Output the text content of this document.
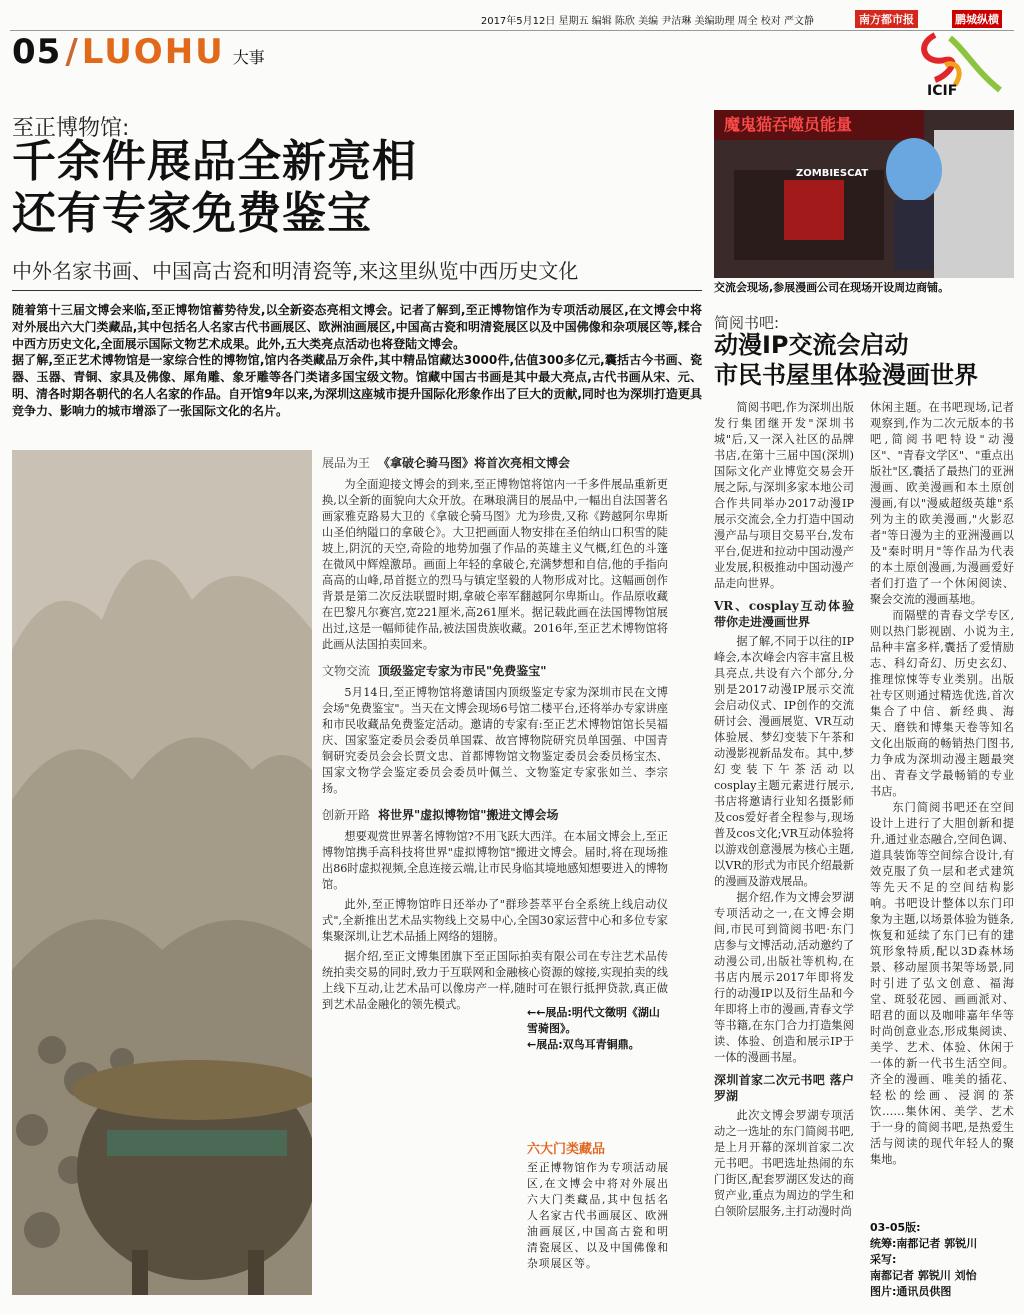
2017年5月12日 星期五 编辑 陈欣 美编 尹洁琳 美编助理 周全 校对 严文静	南方都市报	鹏城纵横
05 / LUOHU 大事
ICIF
至正博物馆:
千余件展品全新亮相
还有专家免费鉴宝
中外名家书画、中国高古瓷和明清瓷等,来这里纵览中西历史文化
随着第十三届文博会来临,至正博物馆蓄势待发,以全新姿态亮相文博会。记者了解到,至正博物馆作为专项活动展区,在文博会中将对外展出六大门类藏品,其中包括名人名家古代书画展区、欧洲油画展区,中国高古瓷和明清瓷展区以及中国佛像和杂项展区等,糅合中西方历史文化,全面展示国际文物艺术成果。此外,五大类亮点活动也将登陆文博会。
据了解,至正艺术博物馆是一家综合性的博物馆,馆内各类藏品万余件,其中精品馆藏达3000件,估值300多亿元,囊括古今书画、瓷器、玉器、青铜、家具及佛像、犀角雕、象牙雕等各门类诸多国宝级文物。馆藏中国古书画是其中最大亮点,古代书画从宋、元、明、清各时期各朝代的名人名家的作品。自开馆9年以来,为深圳这座城市提升国际化形象作出了巨大的贡献,同时也为深圳打造更具竞争力、影响力的城市增添了一张国际文化的名片。
展品为王 《拿破仑骑马图》将首次亮相文博会

为全面迎接文博会的到来,至正博物馆将馆内一千多件展品重新更换,以全新的面貌向大众开放。在琳琅满目的展品中,一幅出自法国著名画家雅克路易大卫的《拿破仑骑马图》尤为珍贵,又称《跨越阿尔卑斯山圣伯纳隘口的拿破仑》。大卫把画面人物安排在圣伯纳山口积雪的陡坡上,阴沉的天空,奇险的地势加强了作品的英雄主义气概,红色的斗篷在微风中辉煌激昂。画面上年轻的拿破仑,充满梦想和自信,他的手指向高高的山峰,昂首挺立的烈马与镇定坚毅的人物形成对比。这幅画创作背景是第二次反法联盟时期,拿破仑率军翻越阿尔卑斯山。作品原收藏在巴黎凡尔赛宫,宽221厘米,高261厘米。据记载此画在法国博物馆展出过,这是一幅师徒作品,被法国贵族收藏。2016年,至正艺术博物馆将此画从法国拍卖回来。

文物交流 顶级鉴定专家为市民"免费鉴宝"

5月14日,至正博物馆将邀请国内顶级鉴定专家为深圳市民在文博会场"免费鉴宝"。当天在文博会现场6号馆二楼平台,还将举办专家讲座和市民收藏品免费鉴定活动。邀请的专家有:至正艺术博物馆馆长吴福庆、国家鉴定委员会委员单国霖、故宫博物院研究员单国强、中国青铜研究委员会会长贾文忠、首都博物馆文物鉴定委员会委员杨宝杰、国家文物学会鉴定委员会委员叶佩兰、文物鉴定专家张如兰、李宗扬。

创新开路 将世界"虚拟博物馆"搬进文博会场

想要观赏世界著名博物馆?不用飞跃大西洋。在本届文博会上,至正博物馆携手高科技将世界"虚拟博物馆"搬进文博会。届时,将在现场推出86时虚拟视频,全息连接云端,让市民身临其境地感知想要进入的博物馆。

此外,至正博物馆昨日还举办了"群珍荟萃平台全系统上线启动仪式",全新推出艺术品实物线上交易中心,全国30家运营中心和多位专家集聚深圳,让艺术品插上网络的翅膀。

据介绍,至正文博集团旗下至正国际拍卖有限公司在专注艺术品传统拍卖交易的同时,致力于互联网和金融核心资源的嫁接,实现拍卖的线上线下互动,让艺术品可以像房产一样,随时可在银行抵押贷款,真正做到艺术品金融化的领先模式。

←←展品:明代文徵明《湖山雪骑图》。
←展品:双鸟耳青铜鼎。
六大门类藏品
至正博物馆作为专项活动展区,在文博会中将对外展出六大门类藏品,其中包括名人名家古代书画展区、欧洲油画展区,中国高古瓷和明清瓷展区、以及中国佛像和杂项展区等。
魔鬼猫吞噬员能量
ZOMBIESCAT
交流会现场,参展漫画公司在现场开设周边商铺。
简阅书吧:
动漫IP交流会启动
市民书屋里体验漫画世界

简阅书吧,作为深圳出版发行集团继开发"深圳书城"后,又一深入社区的品牌书店,在第十三届中国(深圳)国际文化产业博览交易会开展之际,与深圳多家本地公司合作共同举办2017动漫IP展示交流会,全力打造中国动漫产品与项目交易平台,发布平台,促进和拉动中国动漫产业发展,积极推动中国动漫产品走向世界。

VR、cosplay互动体验 带你走进漫画世界

据了解,不同于以往的IP峰会,本次峰会内容丰富且极具亮点,共设有六个部分,分别是2017动漫IP展示交流会启动仪式、IP创作的交流研讨会、漫画展览、VR互动体验展、梦幻变装下午茶和动漫影视新品发布。其中,梦幻变装下午茶活动以cosplay主题元素进行展示,书店将邀请行业知名摄影师及cos爱好者全程参与,现场普及cos文化;VR互动体验将以游戏创意漫展为核心主题,以VR的形式为市民介绍最新的漫画及游戏展品。

据介绍,作为文博会罗湖专项活动之一,在文博会期间,市民可到简阅书吧·东门店参与文博活动,活动邀约了动漫公司,出版社等机构,在书店内展示2017年即将发行的动漫IP以及衍生品和今年即将上市的漫画,青春文学等书籍,在东门合力打造集阅读、体验、创造和展示IP于一体的漫画书屋。

深圳首家二次元书吧 落户罗湖

此次文博会罗湖专项活动之一选址的东门简阅书吧,是上月开幕的深圳首家二次元书吧。书吧选址热闹的东门街区,配套罗湖区发达的商贸产业,重点为周边的学生和白领阶层服务,主打动漫时尚

休闲主题。在书吧现场,记者观察到,作为二次元版本的书吧,简阅书吧特设"动漫区"、"青春文学区"、"重点出版社"区,囊括了最热门的亚洲漫画、欧美漫画和本土原创漫画,有以"漫威超级英雄"系列为主的欧美漫画,"火影忍者"等日漫为主的亚洲漫画以及"秦时明月"等作品为代表的本土原创漫画,为漫画爱好者们打造了一个休闲阅读、聚会交流的漫画基地。

而隔壁的青春文学专区,则以热门影视剧、小说为主,品种丰富多样,囊括了爱情励志、科幻奇幻、历史玄幻、推理惊悚等专业类别。出版社专区则通过精选优选,首次集合了中信、新经典、海天、磨铁和博集天卷等知名文化出版商的畅销热门图书,力争成为深圳动漫主题最突出、青春文学最畅销的专业书店。

东门简阅书吧还在空间设计上进行了大胆创新和提升,通过业态融合,空间色调、道具装饰等空间综合设计,有效克服了负一层和老式建筑等先天不足的空间结构影响。书吧设计整体以东门印象为主题,以场景体验为链条,恢复和延续了东门已有的建筑形象特质,配以3D森林场景、移动屋顶书架等场景,同时引进了弘文创意、福海堂、斑驳花园、画画派对、昭君的面以及咖啡嘉年华等时尚创意业态,形成集阅读、美学、艺术、体验、休闲于一体的新一代书生活空间。齐全的漫画、唯美的插花、轻松的绘画、浸润的茶饮……集休闲、美学、艺术于一身的简阅书吧,是热爱生活与阅读的现代年轻人的聚集地。

03-05版:
统筹:南都记者 郭锐川
采写:
南都记者 郭锐川 刘怡
图片:通讯员供图
